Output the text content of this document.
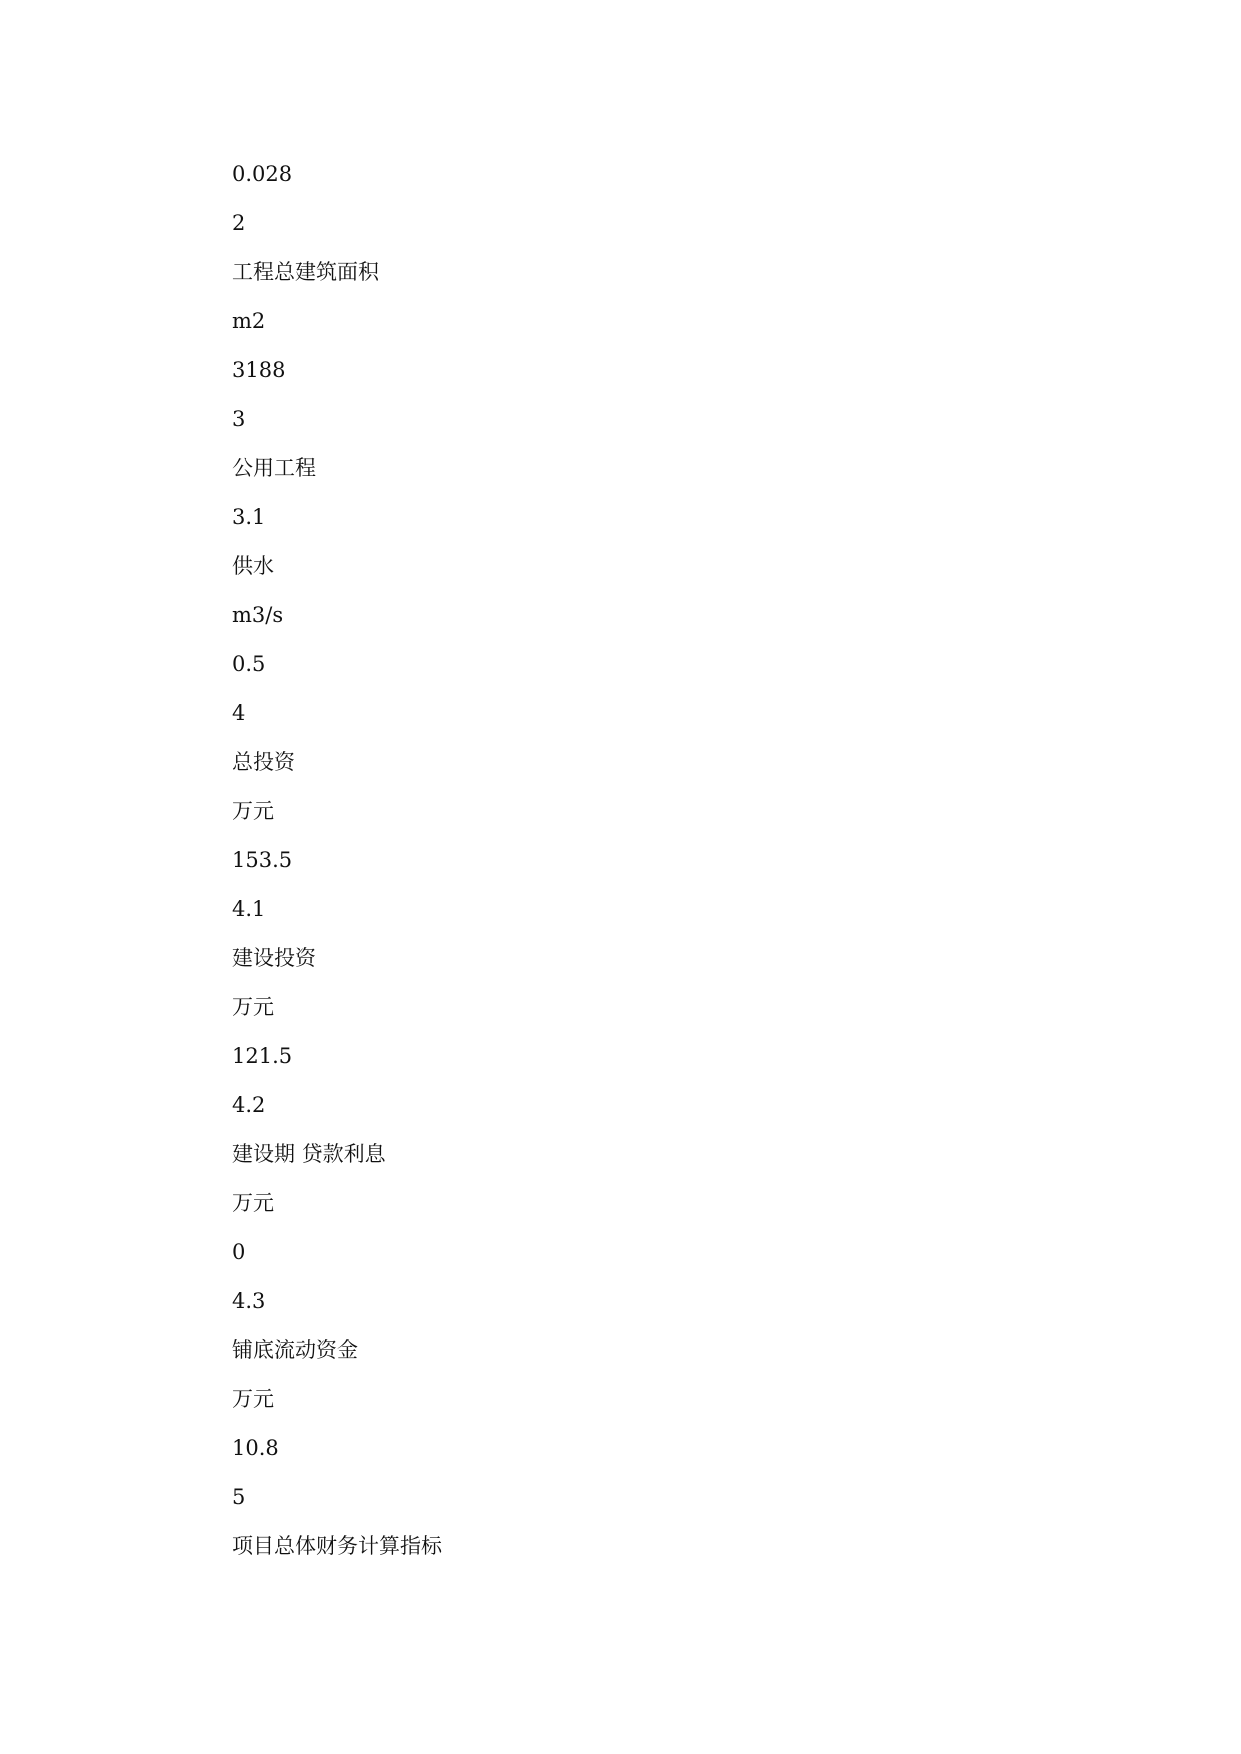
0.028
2
工程总建筑面积
m2
3188
3
公用工程
3.1
供水
m3/s
0.5
4
总投资
万元
153.5
4.1
建设投资
万元
121.5
4.2
建设期 贷款利息
万元
0
4.3
铺底流动资金
万元
10.8
5
项目总体财务计算指标
